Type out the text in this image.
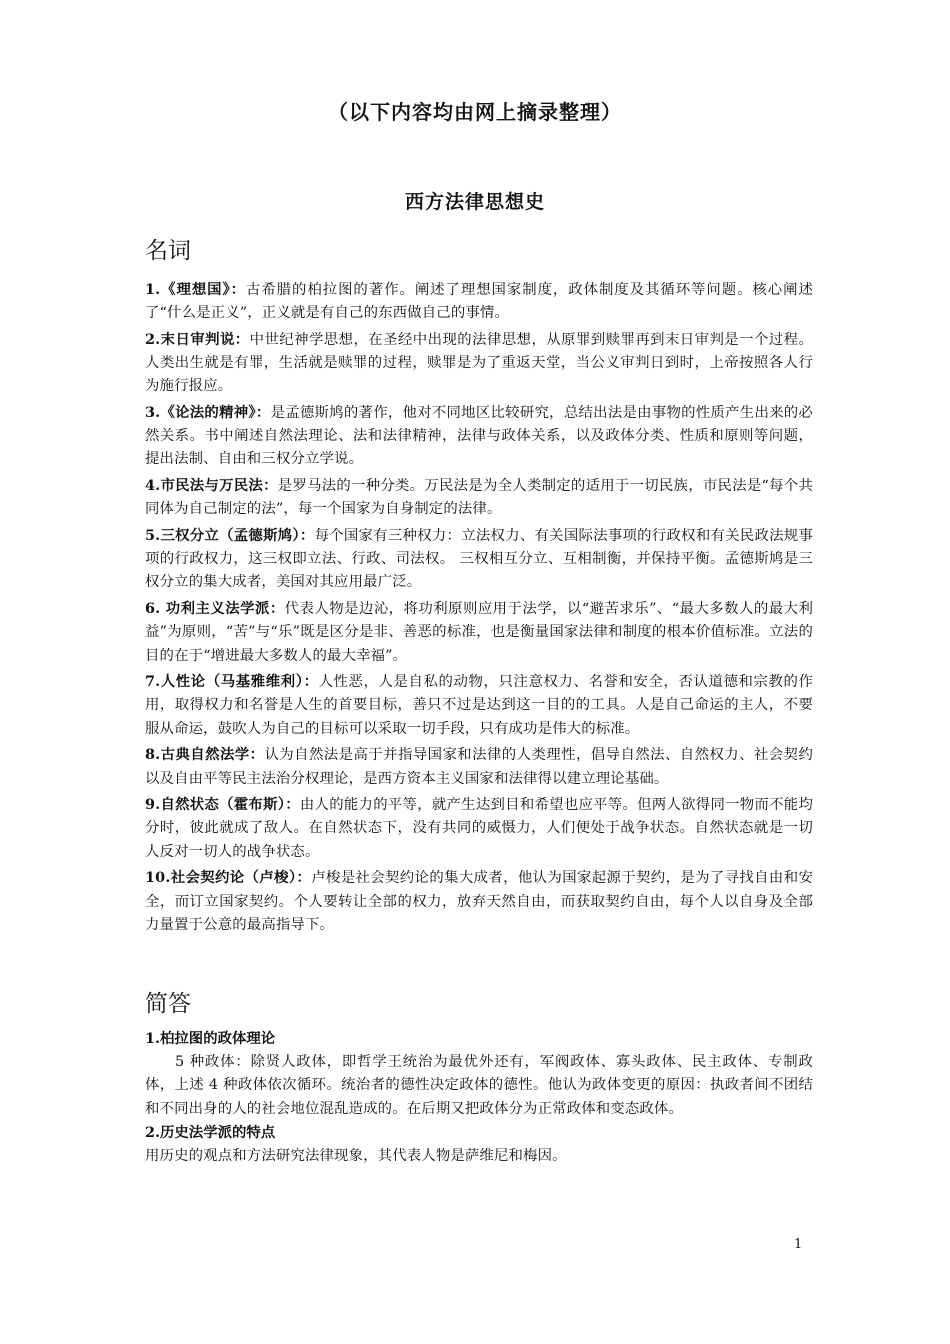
（以下内容均由网上摘录整理）
西方法律思想史
名词

1.《理想国》：古希腊的柏拉图的著作。阐述了理想国家制度，政体制度及其循环等问题。核心阐述了“什么是正义”，正义就是有自己的东西做自己的事情。

2.末日审判说：中世纪神学思想，在圣经中出现的法律思想，从原罪到赎罪再到末日审判是一个过程。人类出生就是有罪，生活就是赎罪的过程，赎罪是为了重返天堂，当公义审判日到时，上帝按照各人行为施行报应。

3.《论法的精神》：是孟德斯鸠的著作，他对不同地区比较研究，总结出法是由事物的性质产生出来的必然关系。书中阐述自然法理论、法和法律精神，法律与政体关系，以及政体分类、性质和原则等问题，提出法制、自由和三权分立学说。

4.市民法与万民法：是罗马法的一种分类。万民法是为全人类制定的适用于一切民族，市民法是“每个共同体为自己制定的法”，每一个国家为自身制定的法律。

5.三权分立（孟德斯鸠）：每个国家有三种权力：立法权力、有关国际法事项的行政权和有关民政法规事项的行政权力，这三权即立法、行政、司法权。 三权相互分立、互相制衡，并保持平衡。孟德斯鸠是三权分立的集大成者，美国对其应用最广泛。

6. 功利主义法学派：代表人物是边沁，将功利原则应用于法学，以“避苦求乐”、“最大多数人的最大利益”为原则，“苦”与“乐”既是区分是非、善恶的标准，也是衡量国家法律和制度的根本价值标准。立法的目的在于“增进最大多数人的最大幸福”。

7.人性论（马基雅维利）：人性恶，人是自私的动物，只注意权力、名誉和安全，否认道德和宗教的作用，取得权力和名誉是人生的首要目标，善只不过是达到这一目的的工具。人是自己命运的主人，不要服从命运，鼓吹人为自己的目标可以采取一切手段，只有成功是伟大的标准。

8.古典自然法学：认为自然法是高于并指导国家和法律的人类理性，倡导自然法、自然权力、社会契约以及自由平等民主法治分权理论，是西方资本主义国家和法律得以建立理论基础。

9.自然状态（霍布斯）：由人的能力的平等，就产生达到目和希望也应平等。但两人欲得同一物而不能均分时，彼此就成了敌人。在自然状态下，没有共同的威慑力，人们便处于战争状态。自然状态就是一切人反对一切人的战争状态。

10.社会契约论（卢梭）：卢梭是社会契约论的集大成者，他认为国家起源于契约，是为了寻找自由和安全，而订立国家契约。个人要转让全部的权力，放弃天然自由，而获取契约自由，每个人以自身及全部力量置于公意的最高指导下。

简答
1.柏拉图的政体理论
5 种政体：除贤人政体，即哲学王统治为最优外还有，军阀政体、寡头政体、民主政体、专制政体，上述 4 种政体依次循环。统治者的德性决定政体的德性。他认为政体变更的原因：执政者间不团结和不同出身的人的社会地位混乱造成的。在后期又把政体分为正常政体和变态政体。
2.历史法学派的特点
用历史的观点和方法研究法律现象，其代表人物是萨维尼和梅因。
1
